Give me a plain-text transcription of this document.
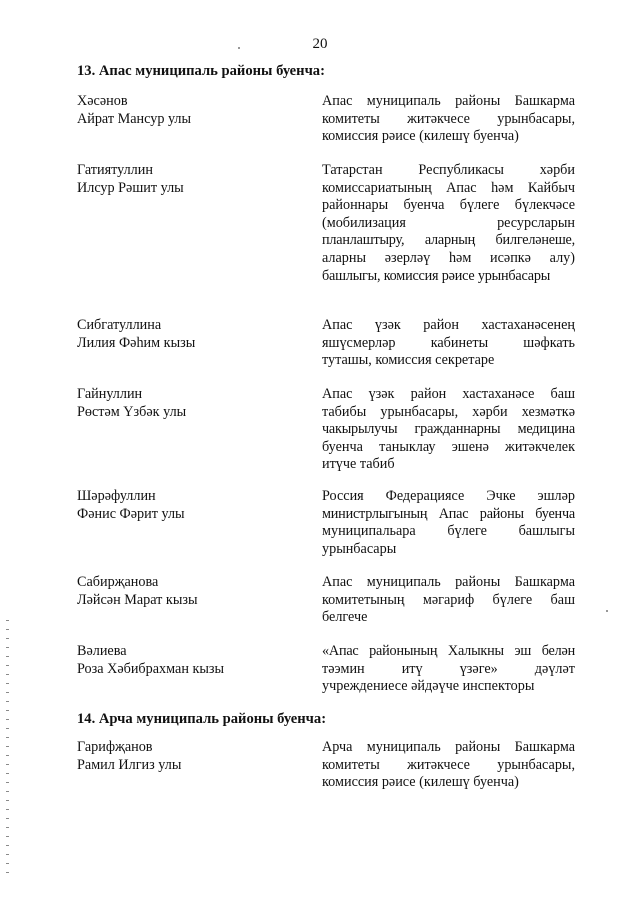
20
13. Апас муниципаль районы буенча:
Хәсәнов
Айрат Мансур улы
Апас муниципаль районы Башкарма
комитеты житәкчесе урынбасары,
комиссия рәисе (килешү буенча)
Гатиятуллин
Илсур Рәшит улы
Татарстан Республикасы хәрби
комиссариатының Апас һәм Кайбыч
районнары буенча бүлеге бүлекчәсе
(мобилизация ресурсларын
планлаштыру, аларның билгеләнеше,
аларны әзерләү һәм исәпкә алу)
башлыгы, комиссия рәисе урынбасары
Сибгатуллина
Лилия Фәһим кызы
Апас үзәк район хастаханәсенең
яшүсмерләр кабинеты шәфкать
туташы, комиссия секретаре
Гайнуллин
Рөстәм Үзбәк улы
Апас үзәк район хастаханәсе баш
табибы урынбасары, хәрби хезмәткә
чакырылучы гражданнарны медицина
буенча таныклау эшенә житәкчелек
итүче табиб
Шәрәфуллин
Фәнис Фәрит улы
Россия Федерациясе Эчке эшләр
министрлыгының Апас районы буенча
муниципальара бүлеге башлыгы
урынбасары
Сабирҗанова
Ләйсән Марат кызы
Апас муниципаль районы Башкарма
комитетының мәгариф бүлеге баш
белгече
Вәлиева
Роза Хәбибрахман кызы
«Апас районының Халыкны эш белән
тәэмин итү үзәге» дәүләт
учреждениесе әйдәүче инспекторы
14. Арча муниципаль районы буенча:
Гарифҗанов
Рамил Илгиз улы
Арча муниципаль районы Башкарма
комитеты житәкчесе урынбасары,
комиссия рәисе (килешү буенча)
